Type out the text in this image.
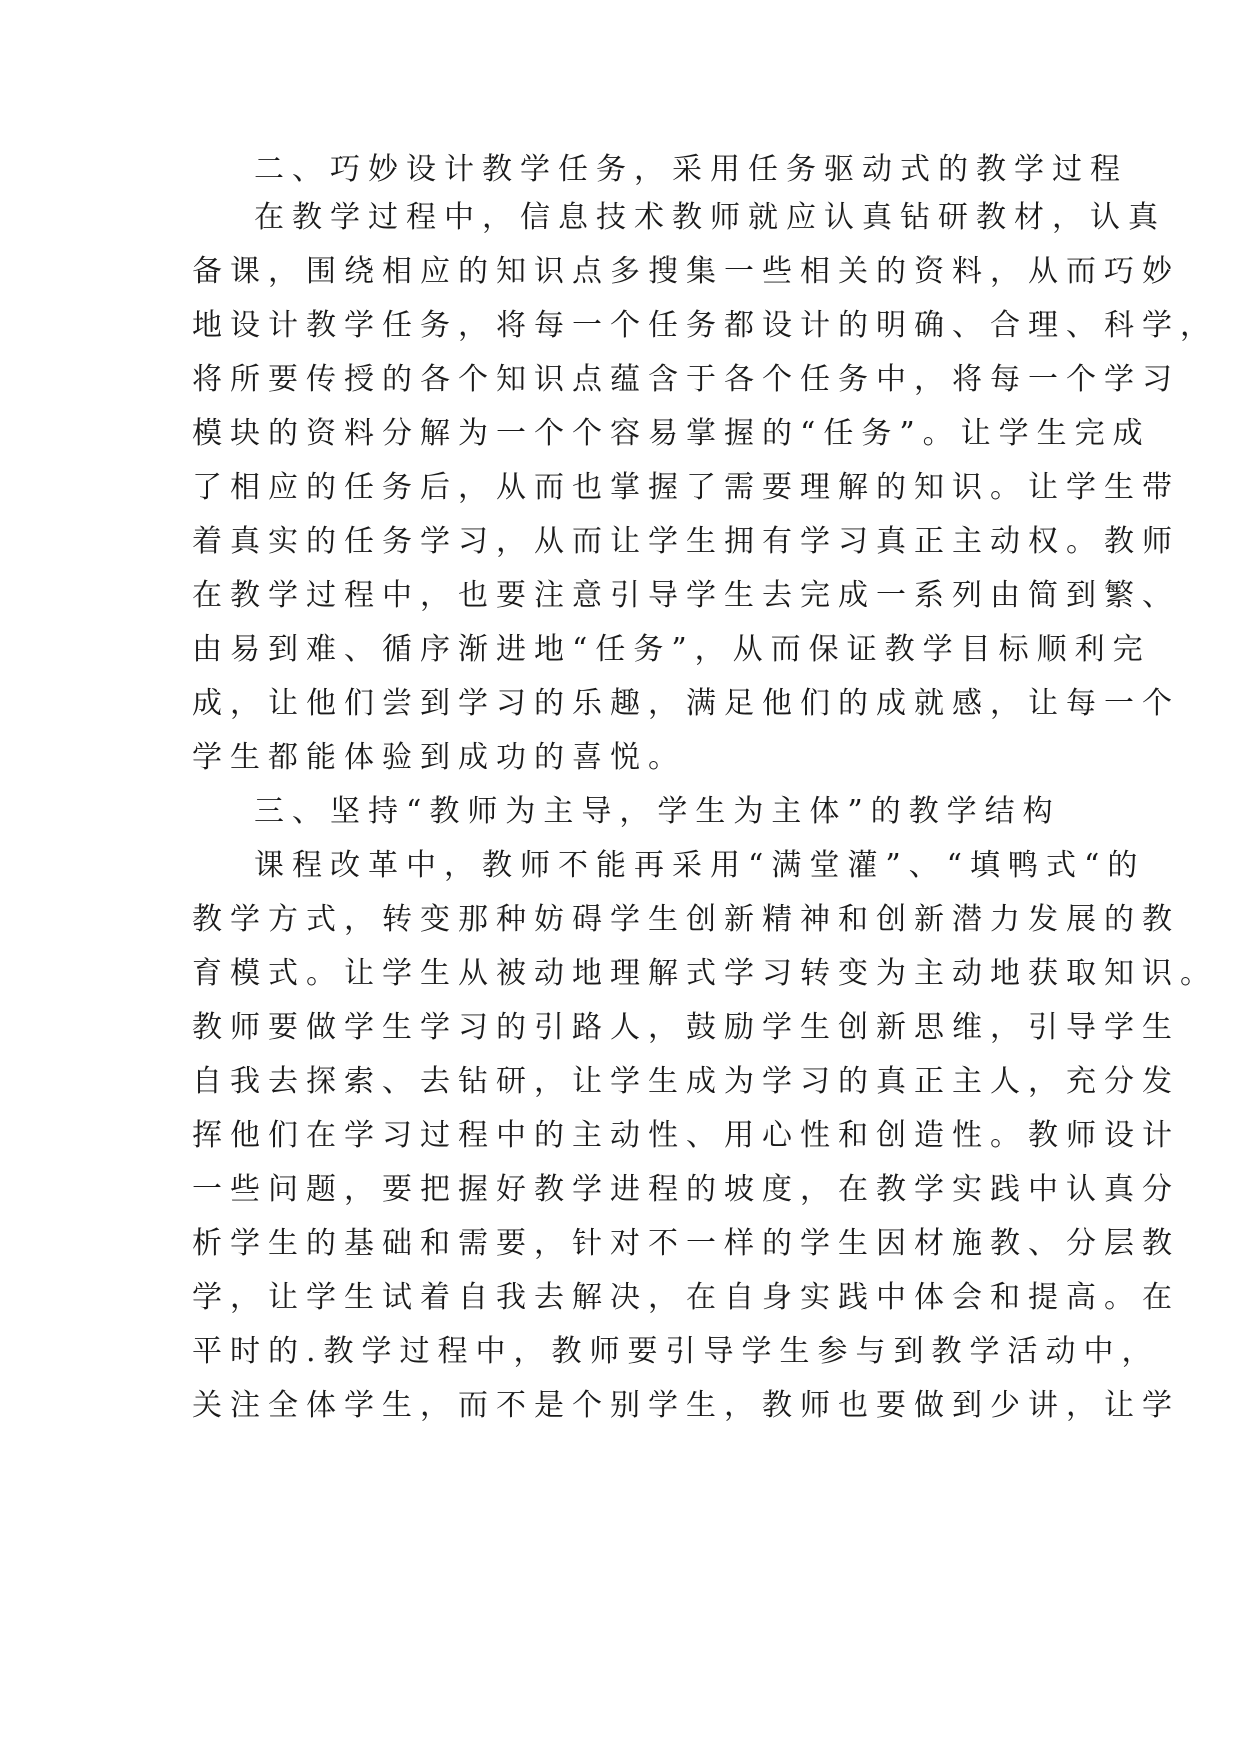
二、巧妙设计教学任务，采用任务驱动式的教学过程
在教学过程中，信息技术教师就应认真钻研教材，认真
备课，围绕相应的知识点多搜集一些相关的资料，从而巧妙
地设计教学任务，将每一个任务都设计的明确、合理、科学，
将所要传授的各个知识点蕴含于各个任务中，将每一个学习
模块的资料分解为一个个容易掌握的“任务”。让学生完成
了相应的任务后，从而也掌握了需要理解的知识。让学生带
着真实的任务学习，从而让学生拥有学习真正主动权。教师
在教学过程中，也要注意引导学生去完成一系列由简到繁、
由易到难、循序渐进地“任务”，从而保证教学目标顺利完
成，让他们尝到学习的乐趣，满足他们的成就感，让每一个
学生都能体验到成功的喜悦。
三、坚持“教师为主导，学生为主体”的教学结构
课程改革中，教师不能再采用“满堂灌”、“填鸭式“的
教学方式，转变那种妨碍学生创新精神和创新潜力发展的教
育模式。让学生从被动地理解式学习转变为主动地获取知识。
教师要做学生学习的引路人，鼓励学生创新思维，引导学生
自我去探索、去钻研，让学生成为学习的真正主人，充分发
挥他们在学习过程中的主动性、用心性和创造性。教师设计
一些问题，要把握好教学进程的坡度，在教学实践中认真分
析学生的基础和需要，针对不一样的学生因材施教、分层教
学，让学生试着自我去解决，在自身实践中体会和提高。在
平时的.教学过程中，教师要引导学生参与到教学活动中，
关注全体学生，而不是个别学生，教师也要做到少讲，让学
